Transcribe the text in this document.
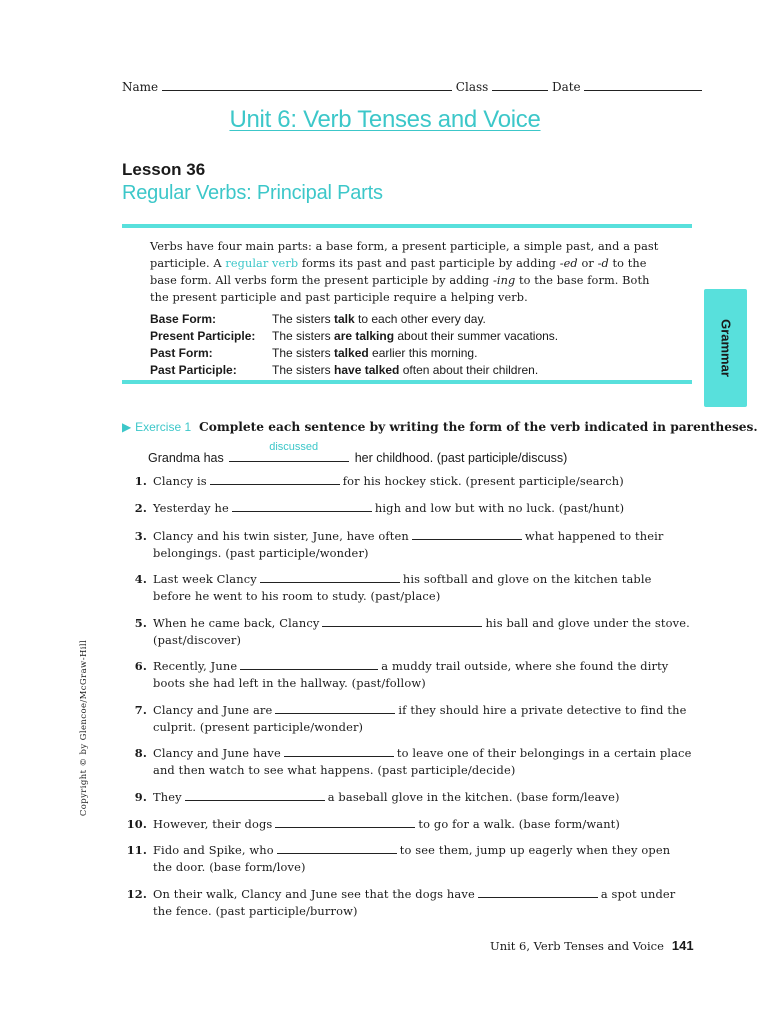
Name	Class	Date
Unit 6: Verb Tenses and Voice
Lesson 36
Regular Verbs: Principal Parts
Verbs have four main parts: a base form, a present participle, a simple past, and a past participle. A regular verb forms its past and past participle by adding -ed or -d to the base form. All verbs form the present participle by adding -ing to the base form. Both the present participle and past participle require a helping verb.
Base Form:	The sisters talk to each other every day.
Present Participle:	The sisters are talking about their summer vacations.
Past Form:	The sisters talked earlier this morning.
Past Participle:	The sisters have talked often about their children.	Grammar
Copyright © by Glencoe/McGraw-Hill
▶ Exercise 1 Complete each sentence by writing the form of the verb indicated in parentheses.
Grandma has
discussed
her childhood. (past participle/discuss)
1. Clancy is	for his hockey stick. (present participle/search)
2. Yesterday he	high and low but with no luck. (past/hunt)
3. Clancy and his twin sister, June, have often	what happened to their belongings. (past participle/wonder)
4. Last week Clancy	his softball and glove on the kitchen table before he went to his room to study. (past/place)
5. When he came back, Clancy	his ball and glove under the stove. (past/discover)
6. Recently, June	a muddy trail outside, where she found the dirty boots she had left in the hallway. (past/follow)
7. Clancy and June are	if they should hire a private detective to find the culprit. (present participle/wonder)
8. Clancy and June have	to leave one of their belongings in a certain place and then watch to see what happens. (past participle/decide)
9. They	a baseball glove in the kitchen. (base form/leave)
10. However, their dogs	to go for a walk. (base form/want)
11. Fido and Spike, who	to see them, jump up eagerly when they open the door. (base form/love)
12. On their walk, Clancy and June see that the dogs have	a spot under the fence. (past participle/burrow)
Unit 6, Verb Tenses and Voice 141
